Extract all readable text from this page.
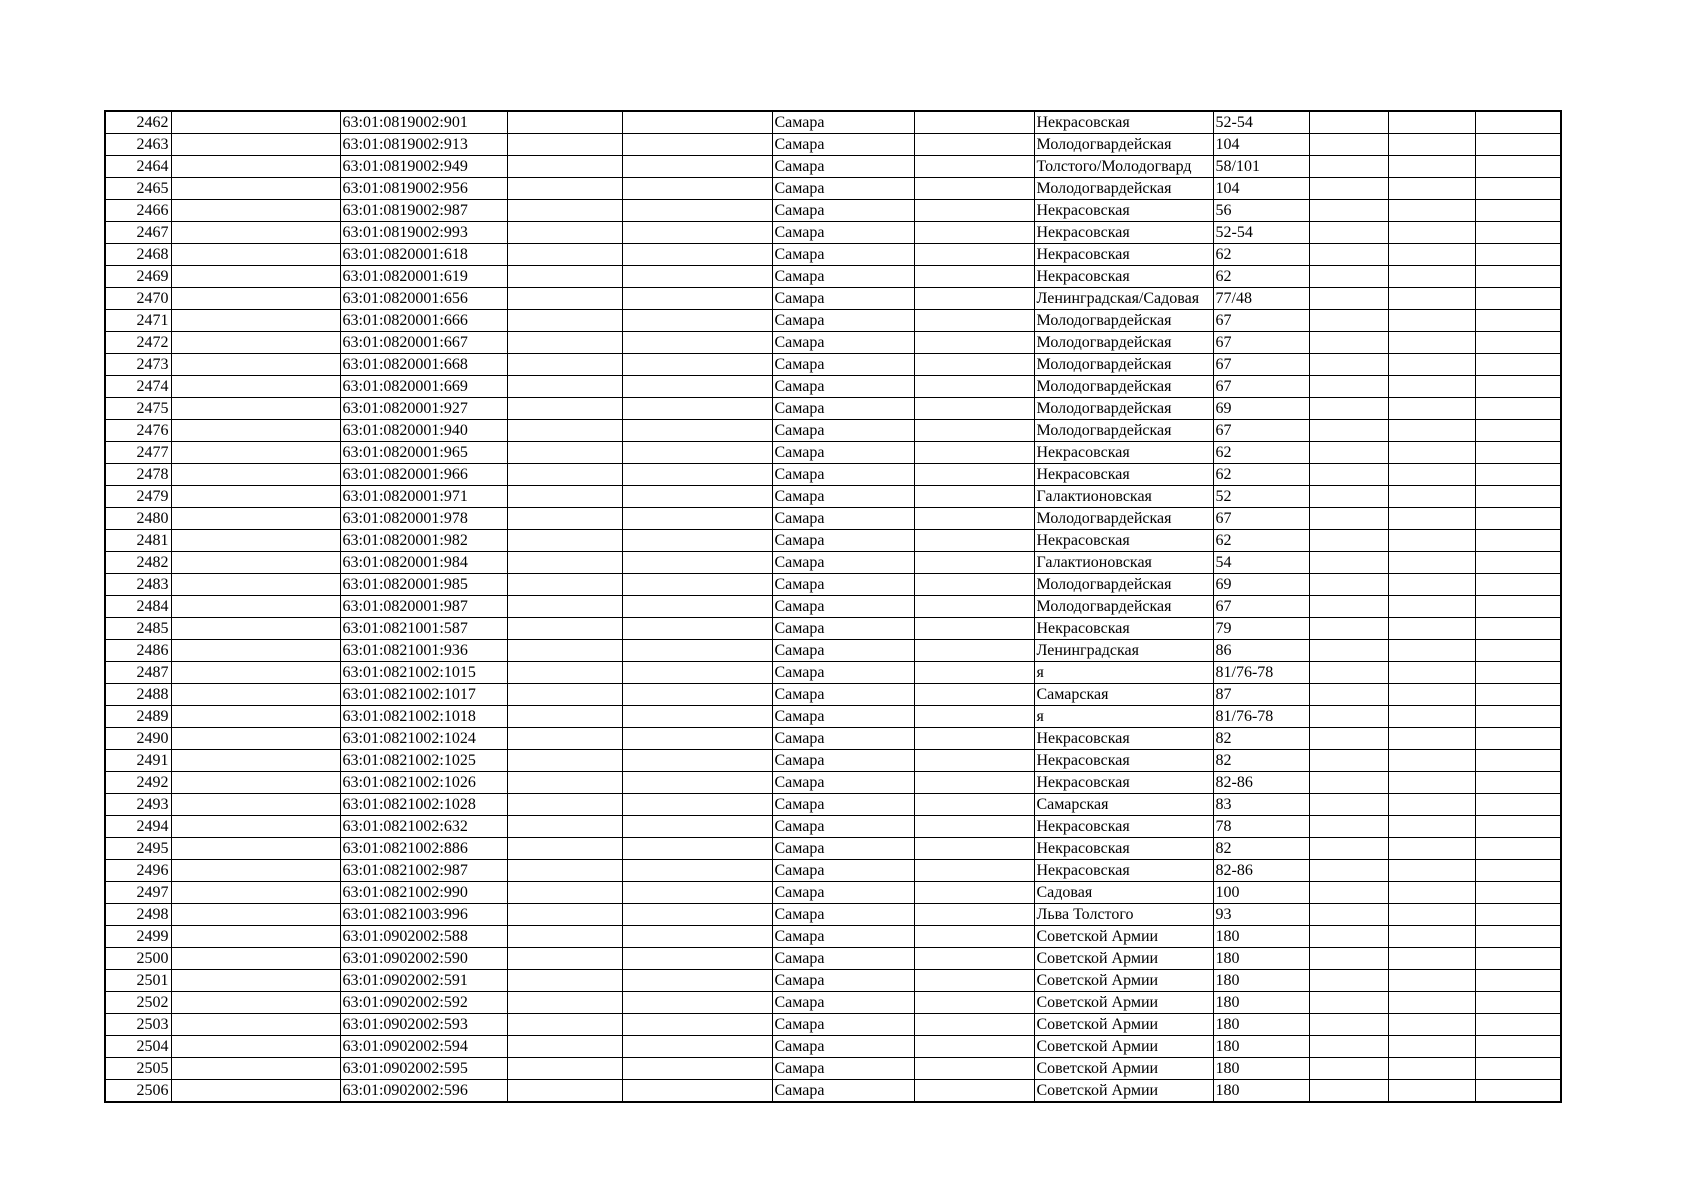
2462		63:01:0819002:901			Самара		Некрасовская	52-54			
2463		63:01:0819002:913			Самара		Молодогвардейская	104			
2464		63:01:0819002:949			Самара		Толстого/Молодогвард	58/101			
2465		63:01:0819002:956			Самара		Молодогвардейская	104			
2466		63:01:0819002:987			Самара		Некрасовская	56			
2467		63:01:0819002:993			Самара		Некрасовская	52-54			
2468		63:01:0820001:618			Самара		Некрасовская	62			
2469		63:01:0820001:619			Самара		Некрасовская	62			
2470		63:01:0820001:656			Самара		Ленинградская/Садовая	77/48			
2471		63:01:0820001:666			Самара		Молодогвардейская	67			
2472		63:01:0820001:667			Самара		Молодогвардейская	67			
2473		63:01:0820001:668			Самара		Молодогвардейская	67			
2474		63:01:0820001:669			Самара		Молодогвардейская	67			
2475		63:01:0820001:927			Самара		Молодогвардейская	69			
2476		63:01:0820001:940			Самара		Молодогвардейская	67			
2477		63:01:0820001:965			Самара		Некрасовская	62			
2478		63:01:0820001:966			Самара		Некрасовская	62			
2479		63:01:0820001:971			Самара		Галактионовская	52			
2480		63:01:0820001:978			Самара		Молодогвардейская	67			
2481		63:01:0820001:982			Самара		Некрасовская	62			
2482		63:01:0820001:984			Самара		Галактионовская	54			
2483		63:01:0820001:985			Самара		Молодогвардейская	69			
2484		63:01:0820001:987			Самара		Молодогвардейская	67			
2485		63:01:0821001:587			Самара		Некрасовская	79			
2486		63:01:0821001:936			Самара		Ленинградская	86			
2487		63:01:0821002:1015			Самара		я	81/76-78			
2488		63:01:0821002:1017			Самара		Самарская	87			
2489		63:01:0821002:1018			Самара		я	81/76-78			
2490		63:01:0821002:1024			Самара		Некрасовская	82			
2491		63:01:0821002:1025			Самара		Некрасовская	82			
2492		63:01:0821002:1026			Самара		Некрасовская	82-86			
2493		63:01:0821002:1028			Самара		Самарская	83			
2494		63:01:0821002:632			Самара		Некрасовская	78			
2495		63:01:0821002:886			Самара		Некрасовская	82			
2496		63:01:0821002:987			Самара		Некрасовская	82-86			
2497		63:01:0821002:990			Самара		Садовая	100			
2498		63:01:0821003:996			Самара		Льва Толстого	93			
2499		63:01:0902002:588			Самара		Советской Армии	180			
2500		63:01:0902002:590			Самара		Советской Армии	180			
2501		63:01:0902002:591			Самара		Советской Армии	180			
2502		63:01:0902002:592			Самара		Советской Армии	180			
2503		63:01:0902002:593			Самара		Советской Армии	180			
2504		63:01:0902002:594			Самара		Советской Армии	180			
2505		63:01:0902002:595			Самара		Советской Армии	180			
2506		63:01:0902002:596			Самара		Советской Армии	180			
